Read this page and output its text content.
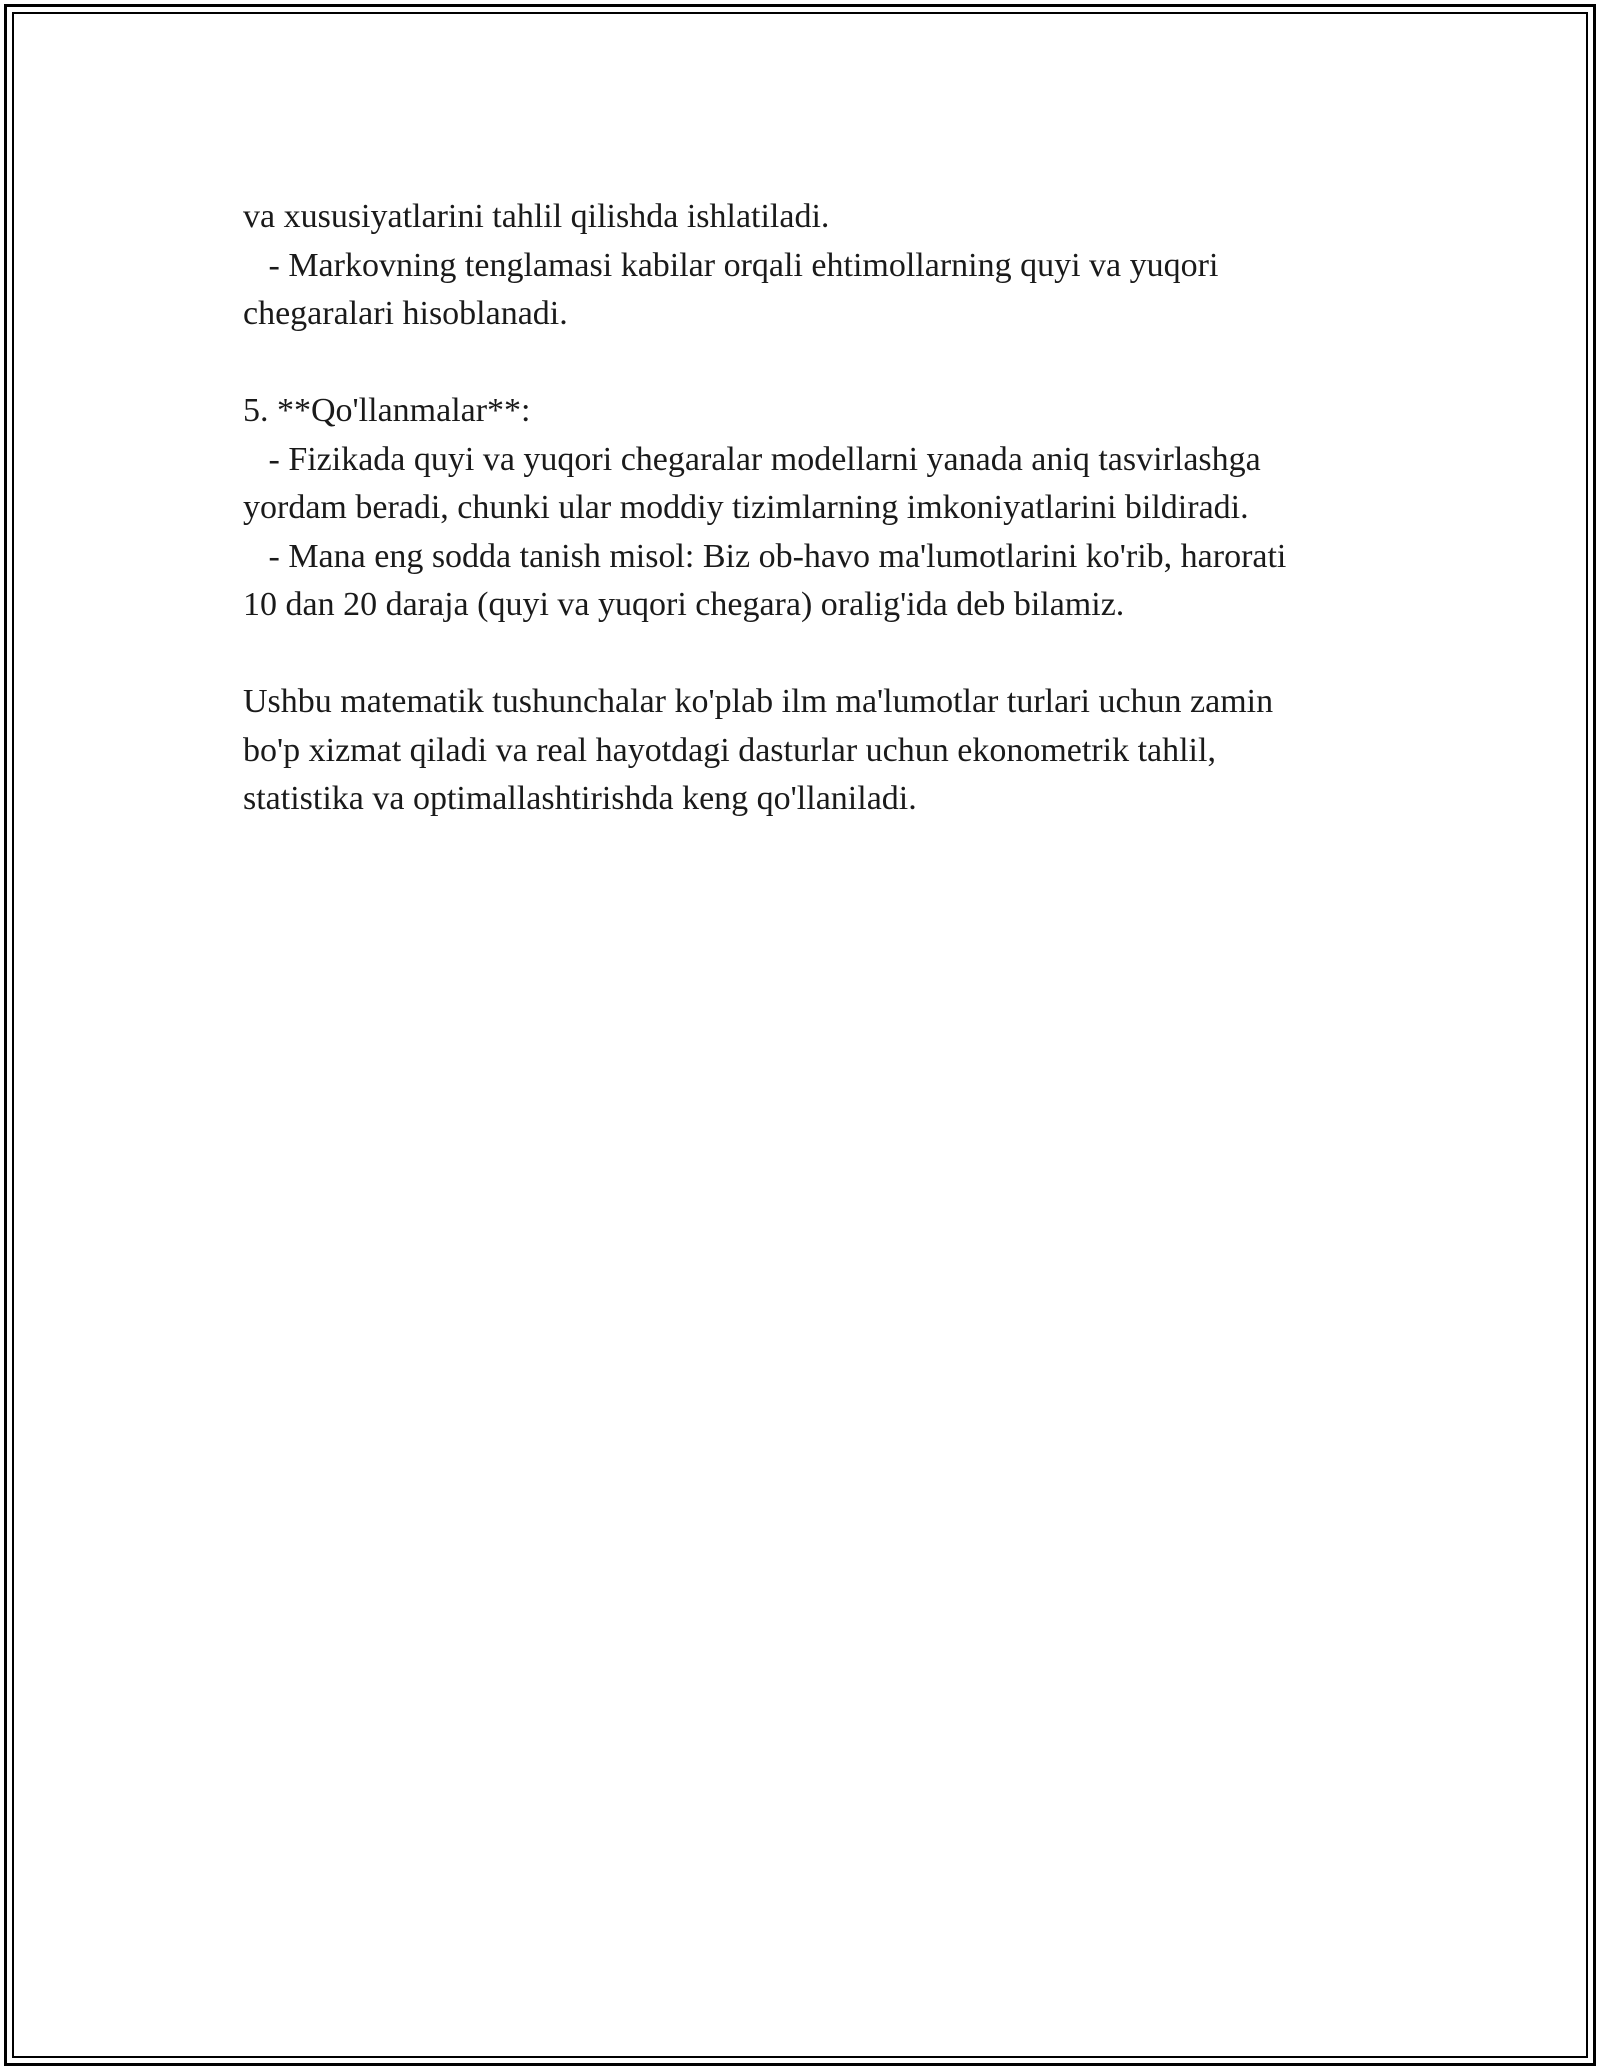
va xususiyatlarini tahlil qilishda ishlatiladi.
- Markovning tenglamasi kabilar orqali ehtimollarning quyi va yuqori
chegaralari hisoblanadi.
5. **Qo'llanmalar**:
- Fizikada quyi va yuqori chegaralar modellarni yanada aniq tasvirlashga
yordam beradi, chunki ular moddiy tizimlarning imkoniyatlarini bildiradi.
- Mana eng sodda tanish misol: Biz ob-havo ma'lumotlarini ko'rib, harorati
10 dan 20 daraja (quyi va yuqori chegara) oralig'ida deb bilamiz.
Ushbu matematik tushunchalar ko'plab ilm ma'lumotlar turlari uchun zamin
bo'p xizmat qiladi va real hayotdagi dasturlar uchun ekonometrik tahlil,
statistika va optimallashtirishda keng qo'llaniladi.
